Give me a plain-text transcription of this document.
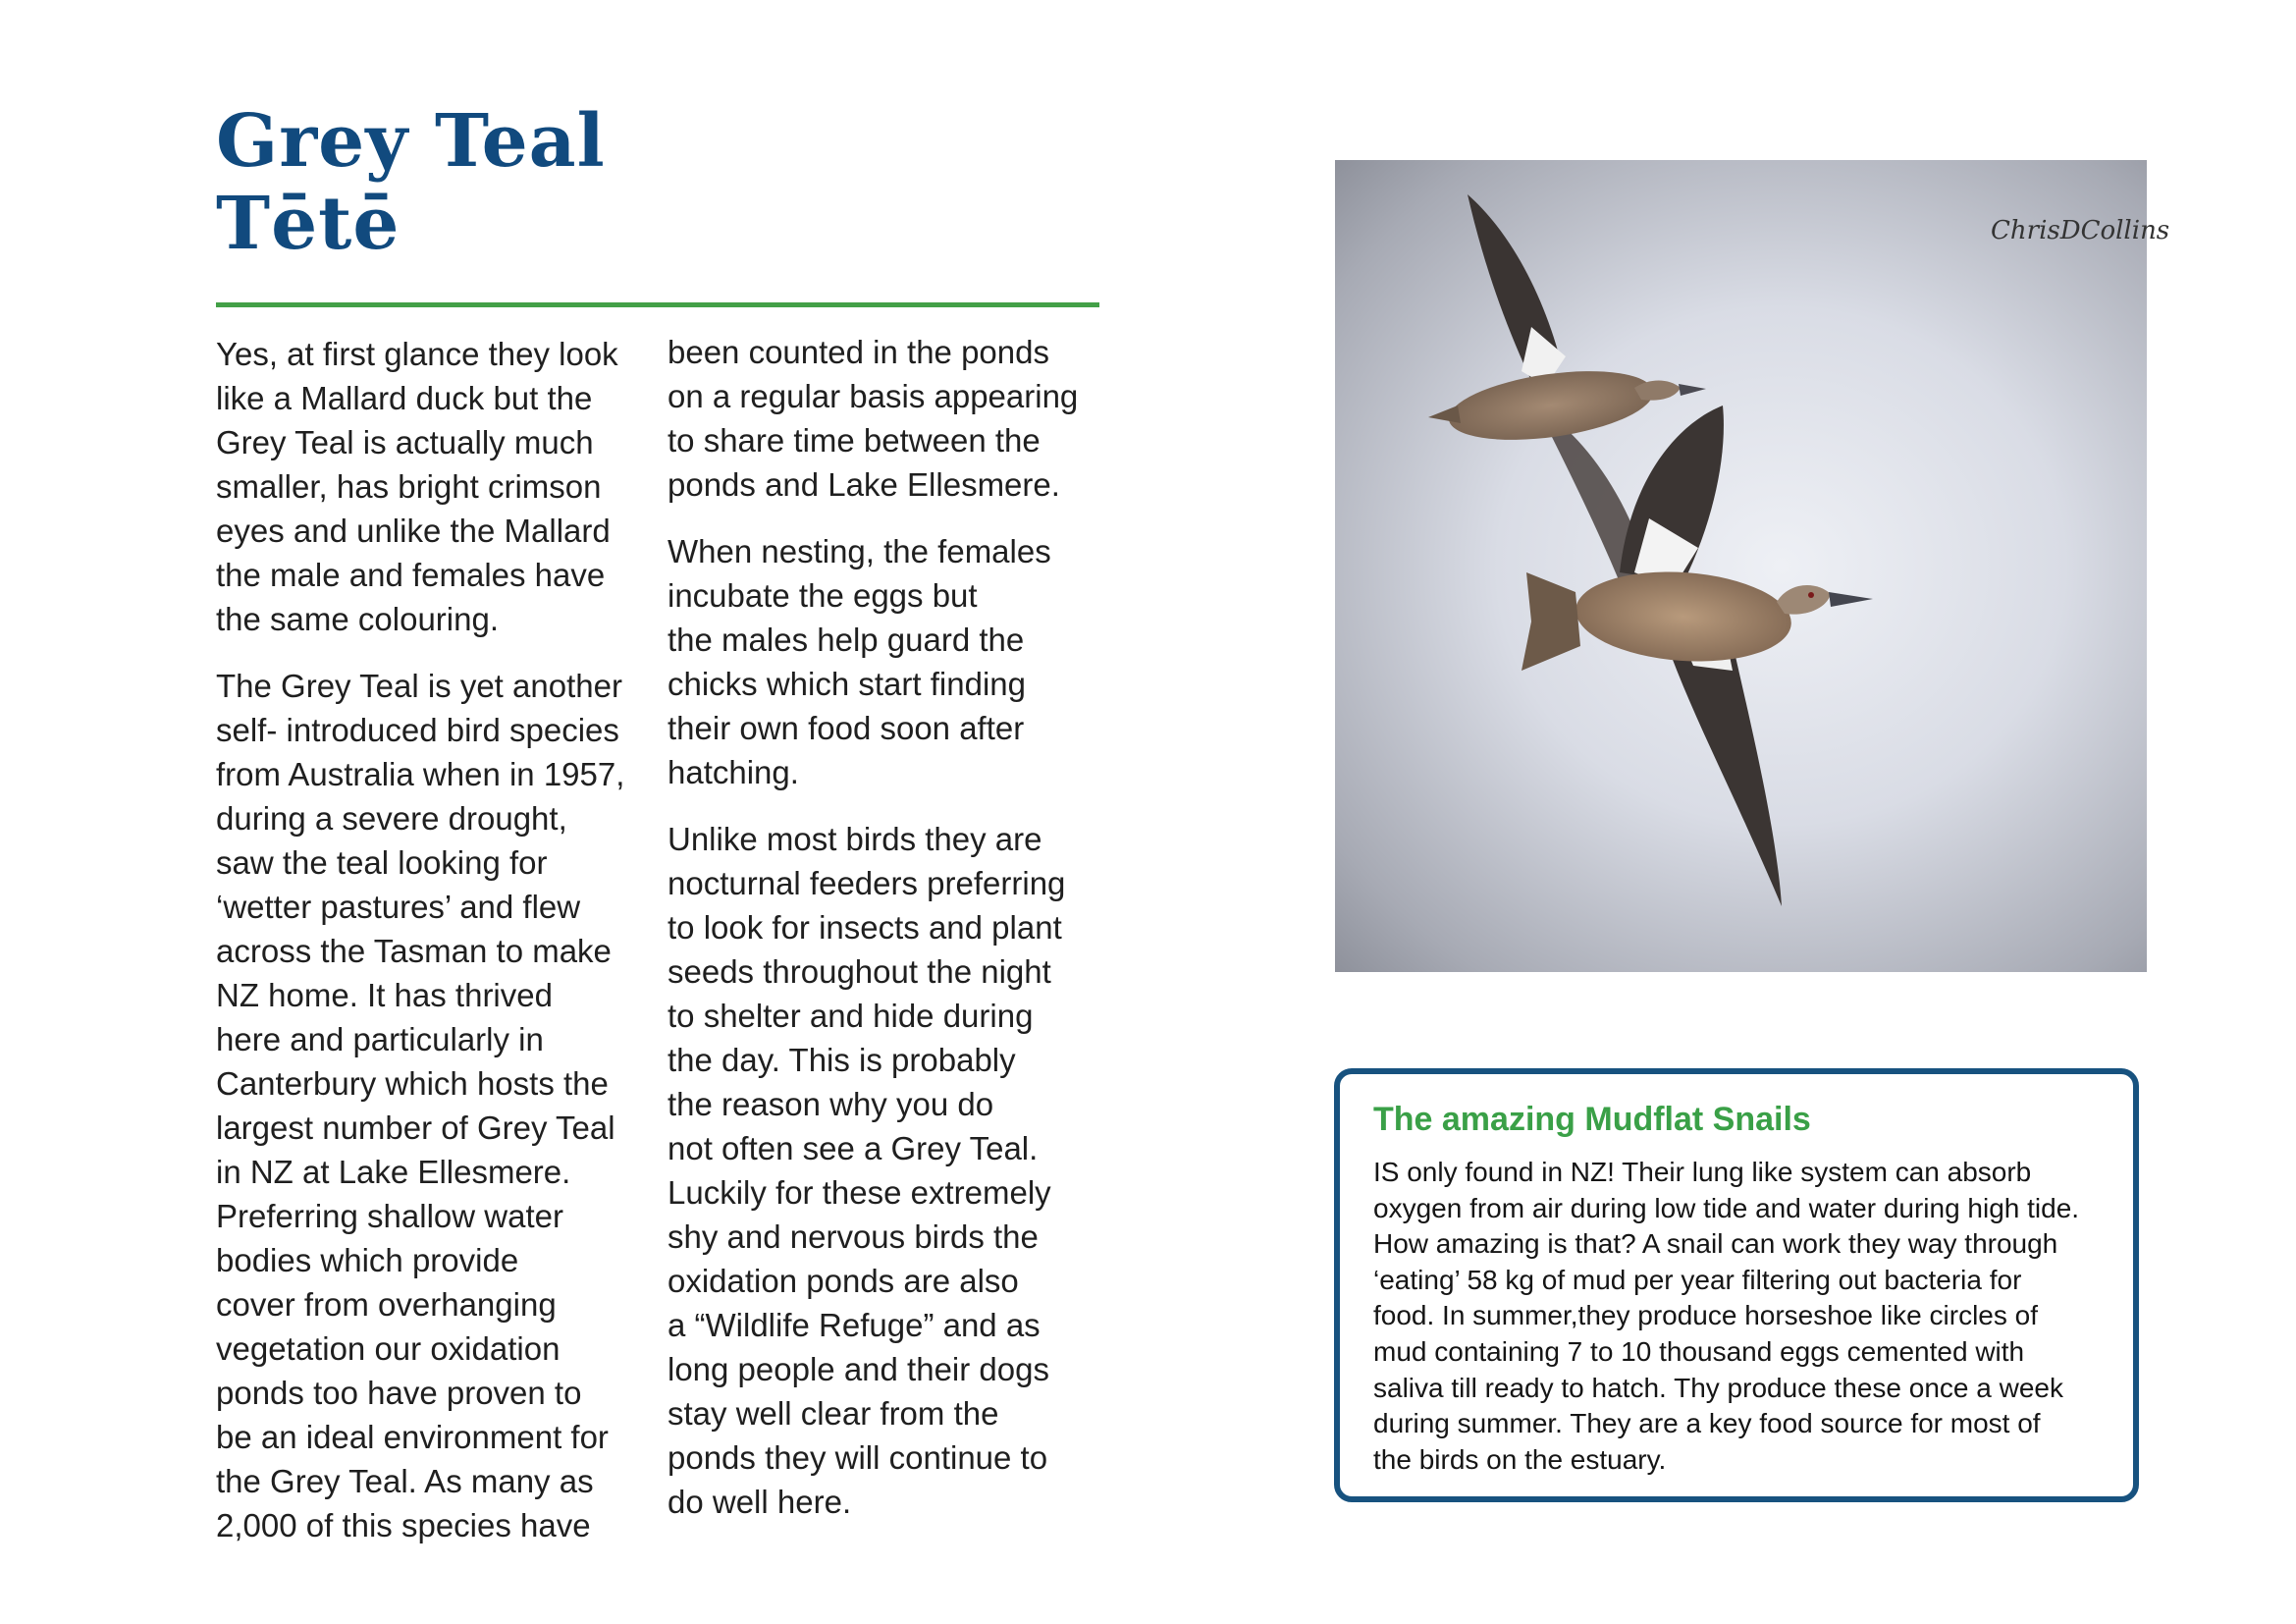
Grey Teal
Tētē

Yes, at first glance they look
like a Mallard duck but the
Grey Teal is actually much
smaller, has bright crimson
eyes and unlike the Mallard
the male and females have
the same colouring.

The Grey Teal is yet another
self- introduced bird species
from Australia when in 1957,
during a severe drought,
saw the teal looking for
‘wetter pastures’ and flew
across the Tasman to make
NZ home. It has thrived
here and particularly in
Canterbury which hosts the
largest number of Grey Teal
in NZ at Lake Ellesmere.
Preferring shallow water
bodies which provide
cover from overhanging
vegetation our oxidation
ponds too have proven to
be an ideal environment for
the Grey Teal. As many as
2,000 of this species have

been counted in the ponds
on a regular basis appearing
to share time between the
ponds and Lake Ellesmere.

When nesting, the females
incubate the eggs but
the males help guard the
chicks which start finding
their own food soon after
hatching.

Unlike most birds they are
nocturnal feeders preferring
to look for insects and plant
seeds throughout the night
to shelter and hide during
the day. This is probably
the reason why you do
not often see a Grey Teal.
Luckily for these extremely
shy and nervous birds the
oxidation ponds are also
a “Wildlife Refuge” and as
long people and their dogs
stay well clear from the
ponds they will continue to
do well here.

ChrisDCollins
The amazing Mudflat Snails
IS only found in NZ! Their lung like system can absorb
oxygen from air during low tide and water during high tide.
How amazing is that? A snail can work they way through
‘eating’ 58 kg of mud per year filtering out bacteria for
food. In summer,they produce horseshoe like circles of
mud containing 7 to 10 thousand eggs cemented with
saliva till ready to hatch. Thy produce these once a week
during summer. They are a key food source for most of
the birds on the estuary.
